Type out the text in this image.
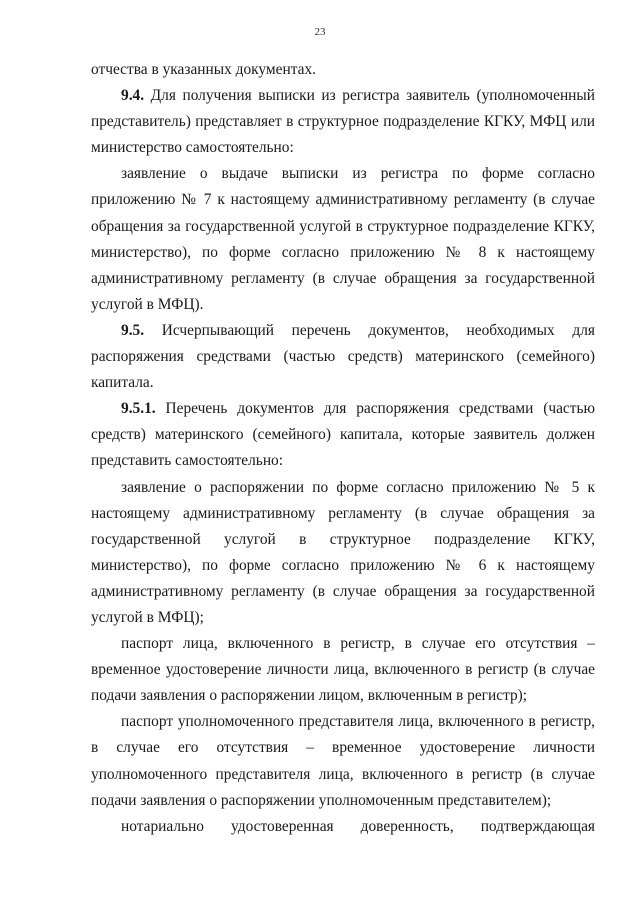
23

отчества в указанных документах.

9.4. Для получения выписки из регистра заявитель (уполномоченный представитель) представляет в структурное подразделение КГКУ, МФЦ или министерство самостоятельно:

заявление о выдаче выписки из регистра по форме согласно приложению № 7 к настоящему административному регламенту (в случае обращения за государственной услугой в структурное подразделение КГКУ, министерство), по форме согласно приложению № 8 к настоящему административному регламенту (в случае обращения за государственной услугой в МФЦ).

9.5. Исчерпывающий перечень документов, необходимых для распоряжения средствами (частью средств) материнского (семейного) капитала.

9.5.1. Перечень документов для распоряжения средствами (частью средств) материнского (семейного) капитала, которые заявитель должен представить самостоятельно:

заявление о распоряжении по форме согласно приложению № 5 к настоящему административному регламенту (в случае обращения за государственной услугой в структурное подразделение КГКУ, министерство), по форме согласно приложению № 6 к настоящему административному регламенту (в случае обращения за государственной услугой в МФЦ);

паспорт лица, включенного в регистр, в случае его отсутствия – временное удостоверение личности лица, включенного в регистр (в случае подачи заявления о распоряжении лицом, включенным в регистр);

паспорт уполномоченного представителя лица, включенного в регистр, в случае его отсутствия – временное удостоверение личности уполномоченного представителя лица, включенного в регистр (в случае подачи заявления о распоряжении уполномоченным представителем);

нотариально удостоверенная доверенность, подтверждающая
